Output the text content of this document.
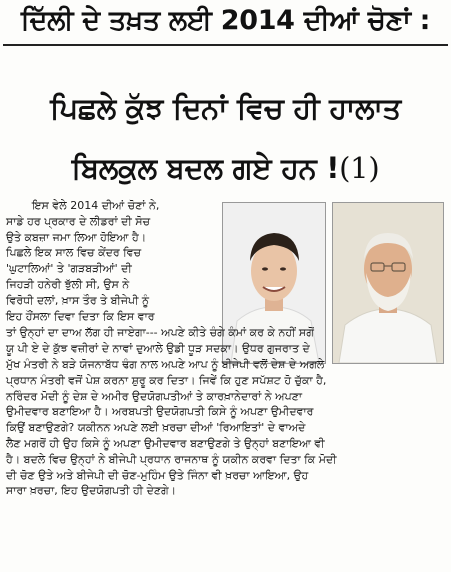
ਦਿੱਲੀ ਦੇ ਤਖ਼ਤ ਲਈ 2014 ਦੀਆਂ ਚੋਣਾਂ :
ਪਿਛਲੇ ਕੁੱਝ ਦਿਨਾਂ ਵਿਚ ਹੀ ਹਾਲਾਤ
ਬਿਲਕੁਲ ਬਦਲ ਗਏ ਹਨ !(1)

ਇਸ ਵੇਲੇ 2014 ਦੀਆਂ ਚੋਣਾਂ ਨੇ,

ਸਾਡੇ ਹਰ ਪ੍ਰਕਾਰ ਦੇ ਲੀਡਰਾਂ ਦੀ ਸੋਚ

ਉਤੇ ਕਬਜ਼ਾ ਜਮਾ ਲਿਆ ਹੋਇਆ ਹੈ।

ਪਿਛਲੇ ਇਕ ਸਾਲ ਵਿਚ ਕੇਂਦਰ ਵਿਚ

'ਘੁਟਾਲਿਆਂ' ਤੇ 'ਗੜਬੜੀਆਂ' ਦੀ

ਜਿਹੜੀ ਹਨੇਰੀ ਝੁੱਲੀ ਸੀ, ਉਸ ਨੇ

ਵਿਰੋਧੀ ਦਲਾਂ, ਖ਼ਾਸ ਤੌਰ ਤੇ ਬੀਜੇਪੀ ਨੂੰ

ਇਹ ਹੌਂਸਲਾ ਦਿਵਾ ਦਿਤਾ ਕਿ ਇਸ ਵਾਰ

ਤਾਂ ਉਨ੍ਹਾਂ ਦਾ ਦਾਅ ਲੱਗ ਹੀ ਜਾਏਗਾ--- ਅਪਣੇ ਕੀਤੇ ਚੰਗੇ ਕੰਮਾਂ ਕਰ ਕੇ ਨਹੀਂ ਸਗੋਂ

ਯੂ ਪੀ ਏ ਦੇ ਕੁੱਝ ਵਜ਼ੀਰਾਂ ਦੇ ਨਾਵਾਂ ਦੁਆਲੇ ਉਡੀ ਧੂੜ ਸਦਕਾ। ਉਧਰ ਗੁਜਰਾਤ ਦੇ

ਮੁੱਖ ਮੰਤਰੀ ਨੇ ਬੜੇ ਯੋਜਨਾਬੱਧ ਢੰਗ ਨਾਲ ਅਪਣੇ ਆਪ ਨੂੰ ਬੀਜੇਪੀ ਵਲੋਂ ਦੇਸ਼ ਦੇ ਅਗਲੇ

ਪ੍ਰਧਾਨ ਮੰਤਰੀ ਵਜੋਂ ਪੇਸ਼ ਕਰਨਾ ਸ਼ੁਰੂ ਕਰ ਦਿਤਾ। ਜਿਵੇਂ ਕਿ ਹੁਣ ਸਪੱਸ਼ਟ ਹੋ ਚੁੱਕਾ ਹੈ,

ਨਰਿੰਦਰ ਮੋਦੀ ਨੂੰ ਦੇਸ਼ ਦੇ ਅਮੀਰ ਉਦਯੋਗਪਤੀਆਂ ਤੇ ਕਾਰਖ਼ਾਨੇਦਾਰਾਂ ਨੇ ਅਪਣਾ

ਉਮੀਦਵਾਰ ਬਣਾਇਆ ਹੈ। ਅਰਬਪਤੀ ਉਦਯੋਗਪਤੀ ਕਿਸੇ ਨੂੰ ਅਪਣਾ ਉਮੀਦਵਾਰ

ਕਿਉਂ ਬਣਾਉਣਗੇ? ਯਕੀਨਨ ਅਪਣੇ ਲਈ ਖ਼ਰਚਾ ਦੀਆਂ 'ਰਿਆਇਤਾਂ' ਦੇ ਵਾਅਦੇ

ਲੈਣ ਮਗਰੋਂ ਹੀ ਉਹ ਕਿਸੇ ਨੂੰ ਅਪਣਾ ਉਮੀਦਵਾਰ ਬਣਾਉਣਗੇ ਤੇ ਉਨ੍ਹਾਂ ਬਣਾਇਆ ਵੀ

ਹੈ। ਬਦਲੇ ਵਿਚ ਉਨ੍ਹਾਂ ਨੇ ਬੀਜੇਪੀ ਪ੍ਰਧਾਨ ਰਾਜਨਾਥ ਨੂੰ ਯਕੀਨ ਕਰਵਾ ਦਿਤਾ ਕਿ ਮੋਦੀ

ਦੀ ਚੋਣ ਉਤੇ ਅਤੇ ਬੀਜੇਪੀ ਦੀ ਚੋਣ-ਮੁਹਿੰਮ ਉਤੇ ਜਿੰਨਾ ਵੀ ਖ਼ਰਚਾ ਆਇਆ, ਉਹ

ਸਾਰਾ ਖ਼ਰਚਾ, ਇਹ ਉਦਯੋਗਪਤੀ ਹੀ ਦੇਣਗੇ।
